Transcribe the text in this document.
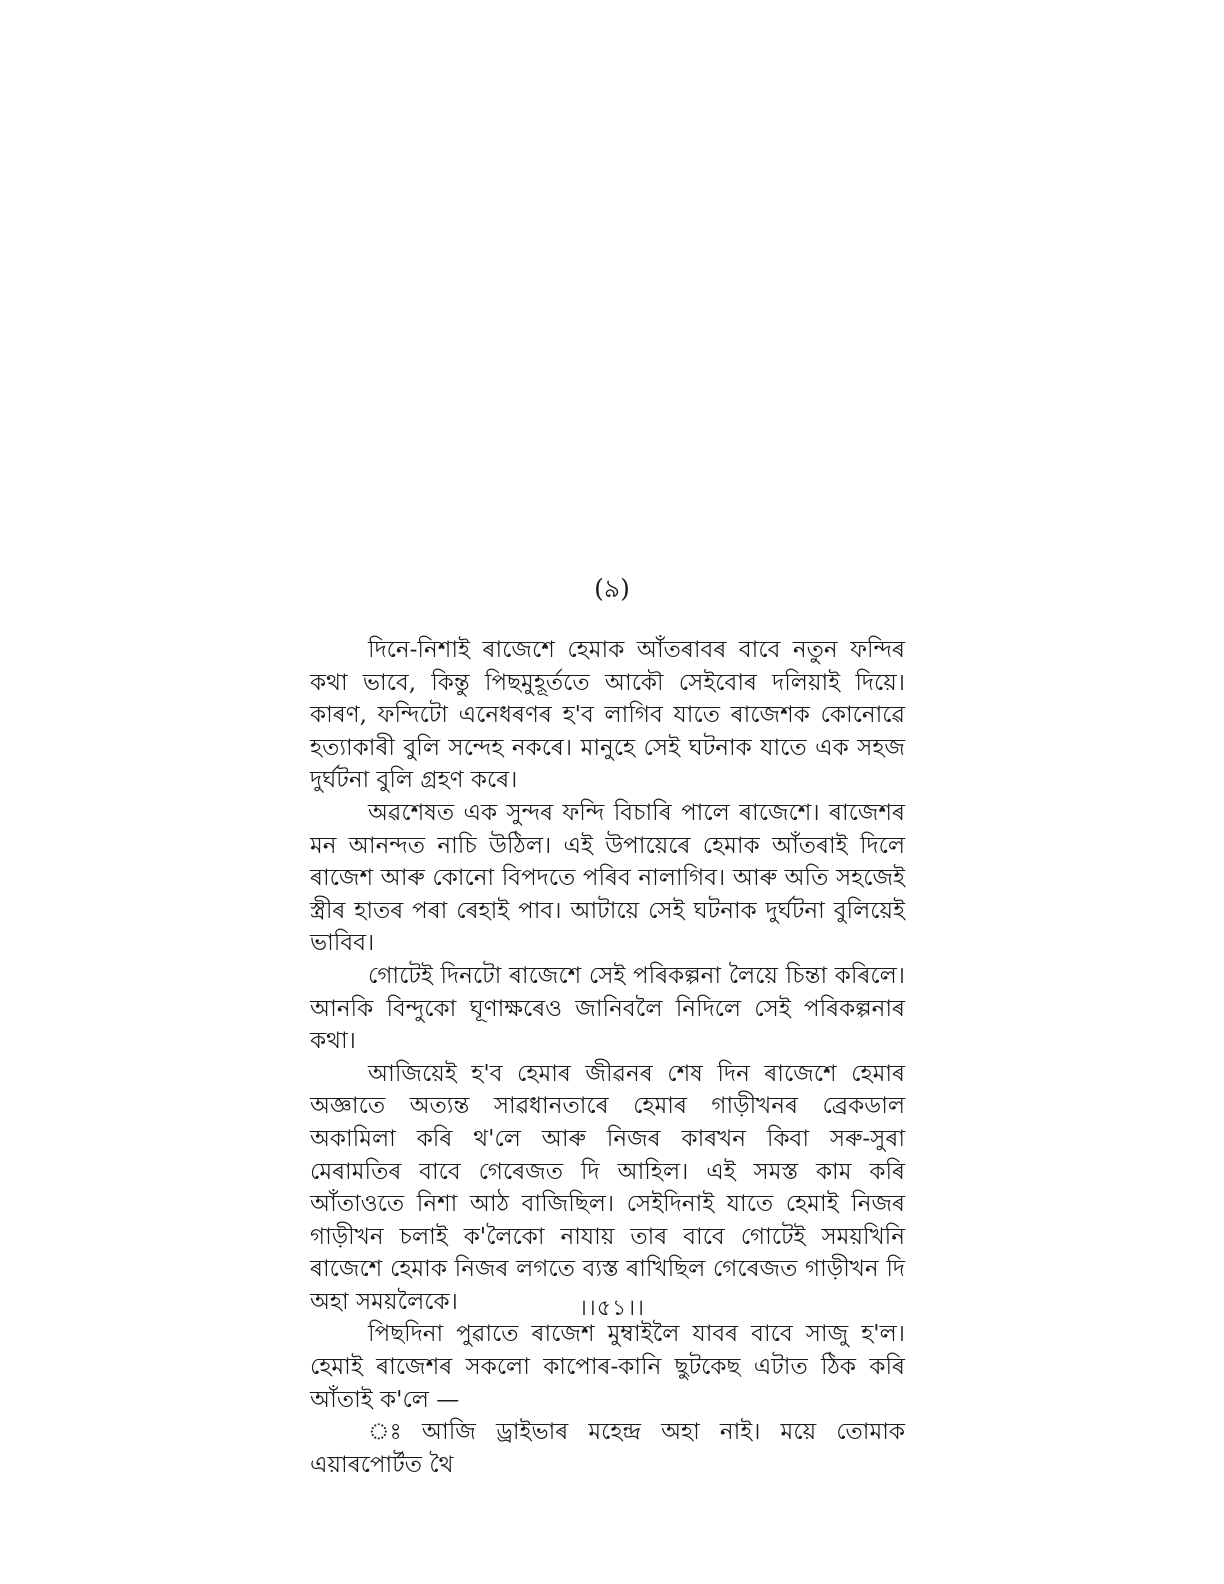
(৯)

দিনে-নিশাই ৰাজেশে হেমাক আঁতৰাবৰ বাবে নতুন ফন্দিৰ কথা ভাবে, কিন্তু পিছমুহূৰ্ততে আকৌ সেইবোৰ দলিয়াই দিয়ে। কাৰণ, ফন্দিটো এনেধৰণৰ হ'ব লাগিব যাতে ৰাজেশক কোনোৱে হত্যাকাৰী বুলি সন্দেহ নকৰে। মানুহে সেই ঘটনাক যাতে এক সহজ দুৰ্ঘটনা বুলি গ্ৰহণ কৰে।

অৱশেষত এক সুন্দৰ ফন্দি বিচাৰি পালে ৰাজেশে। ৰাজেশৰ মন আনন্দত নাচি উঠিল। এই উপায়েৰে হেমাক আঁতৰাই দিলে ৰাজেশ আৰু কোনো বিপদতে পৰিব নালাগিব। আৰু অতি সহজেই স্ত্ৰীৰ হাতৰ পৰা ৰেহাই পাব। আটায়ে সেই ঘটনাক দুৰ্ঘটনা বুলিয়েই ভাবিব।

গোটেই দিনটো ৰাজেশে সেই পৰিকল্পনা লৈয়ে চিন্তা কৰিলে। আনকি বিন্দুকো ঘূণাক্ষৰেও জানিবলৈ নিদিলে সেই পৰিকল্পনাৰ কথা।

আজিয়েই হ'ব হেমাৰ জীৱনৰ শেষ দিন ৰাজেশে হেমাৰ অজ্ঞাতে অত্যন্ত সাৱধানতাৰে হেমাৰ গাড়ীখনৰ ব্ৰেকডাল অকামিলা কৰি থ'লে আৰু নিজৰ কাৰখন কিবা সৰু-সুৰা মেৰামতিৰ বাবে গেৰেজত দি আহিল। এই সমস্ত কাম কৰি আঁতাওতে নিশা আঠ বাজিছিল। সেইদিনাই যাতে হেমাই নিজৰ গাড়ীখন চলাই ক'লৈকো নাযায় তাৰ বাবে গোটেই সময়খিনি ৰাজেশে হেমাক নিজৰ লগতে ব্যস্ত ৰাখিছিল গেৰেজত গাড়ীখন দি অহা সময়লৈকে।

পিছদিনা পুৱাতে ৰাজেশ মুম্বাইলৈ যাবৰ বাবে সাজু হ'ল। হেমাই ৰাজেশৰ সকলো কাপোৰ-কানি ছুটকেছ এটাত ঠিক কৰি আঁতাই ক'লে —

ঃ আজি ড্ৰাইভাৰ মহেন্দ্ৰ অহা নাই। ময়ে তোমাক এয়াৰপোৰ্টত থৈ

।।৫১।।
